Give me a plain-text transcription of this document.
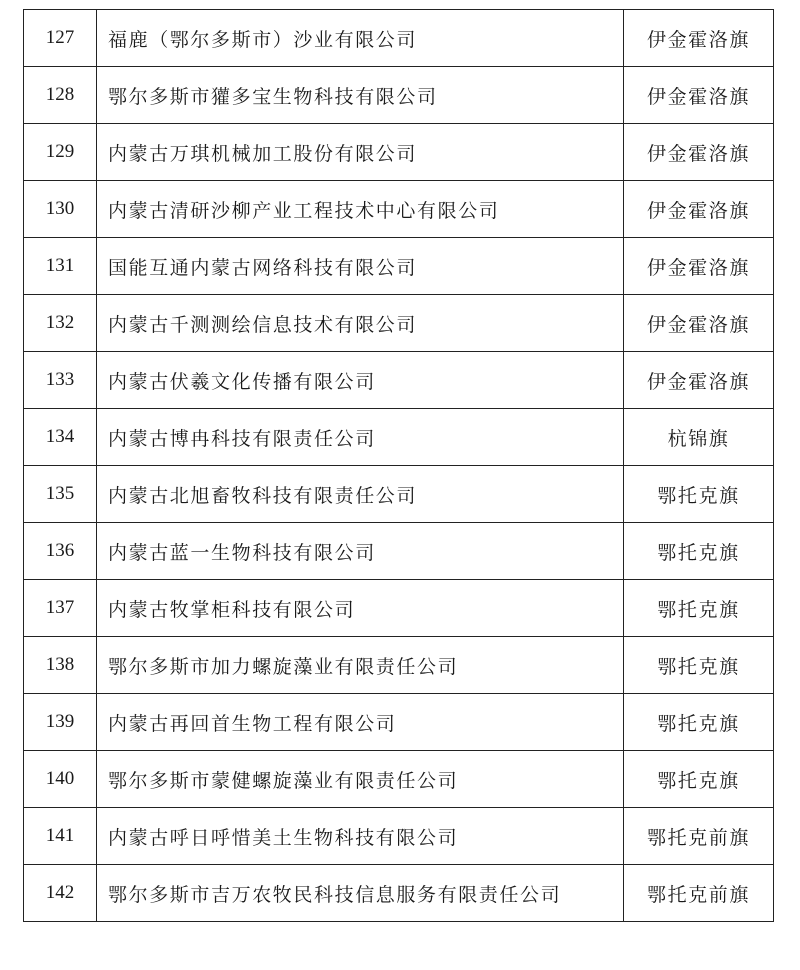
127	福鹿（鄂尔多斯市）沙业有限公司	伊金霍洛旗
128	鄂尔多斯市獾多宝生物科技有限公司	伊金霍洛旗
129	内蒙古万琪机械加工股份有限公司	伊金霍洛旗
130	内蒙古清研沙柳产业工程技术中心有限公司	伊金霍洛旗
131	国能互通内蒙古网络科技有限公司	伊金霍洛旗
132	内蒙古千测测绘信息技术有限公司	伊金霍洛旗
133	内蒙古伏羲文化传播有限公司	伊金霍洛旗
134	内蒙古博冉科技有限责任公司	杭锦旗
135	内蒙古北旭畜牧科技有限责任公司	鄂托克旗
136	内蒙古蓝一生物科技有限公司	鄂托克旗
137	内蒙古牧掌柜科技有限公司	鄂托克旗
138	鄂尔多斯市加力螺旋藻业有限责任公司	鄂托克旗
139	内蒙古再回首生物工程有限公司	鄂托克旗
140	鄂尔多斯市蒙健螺旋藻业有限责任公司	鄂托克旗
141	内蒙古呼日呼惜美土生物科技有限公司	鄂托克前旗
142	鄂尔多斯市吉万农牧民科技信息服务有限责任公司	鄂托克前旗
